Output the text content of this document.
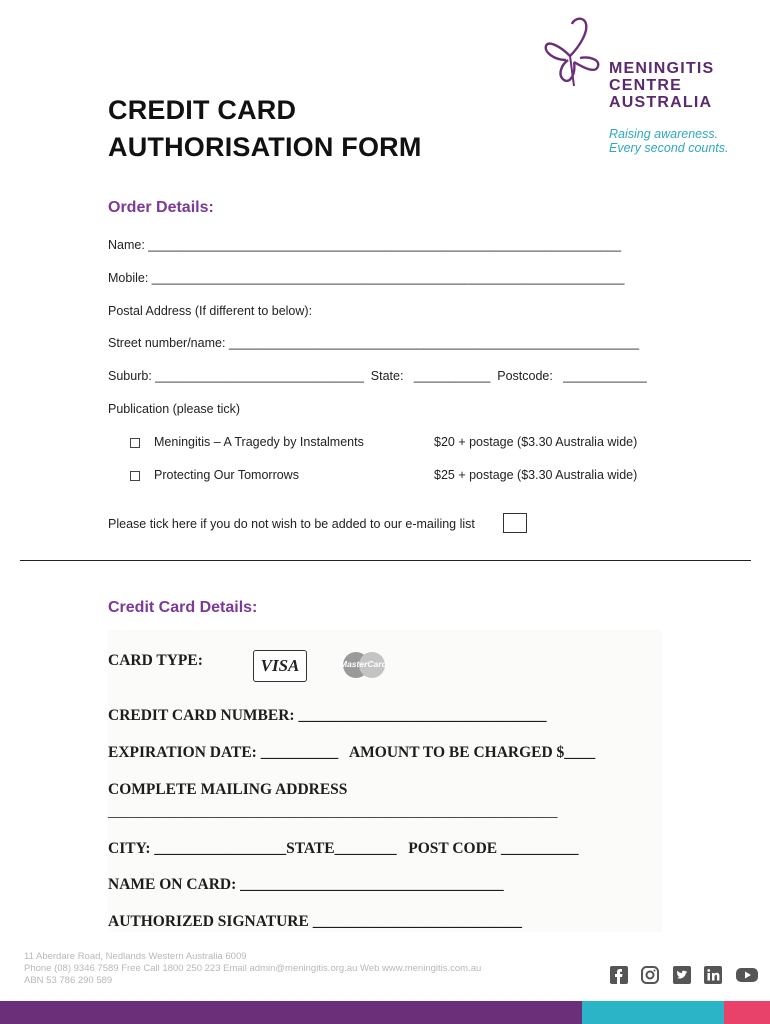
CREDIT CARD
AUTHORISATION FORM
MENINGITIS
CENTRE
AUSTRALIA
Raising awareness.
Every second counts.
Order Details:
Name: ____________________________________________________________________
Mobile: ____________________________________________________________________
Postal Address (If different to below):
Street number/name: ___________________________________________________________
Suburb: ______________________________  State:   ___________  Postcode:   ____________
Publication (please tick)
Meningitis – A Tragedy by Instalments	$20 + postage ($3.30 Australia wide)
Protecting Our Tomorrows	$25 + postage ($3.30 Australia wide)
Please tick here if you do not wish to be added to our e-mailing list
Credit Card Details:
CARD TYPE:	VISA	MasterCard
CREDIT CARD NUMBER: ________________________________
EXPIRATION DATE: __________   AMOUNT TO BE CHARGED $____
COMPLETE MAILING ADDRESS
__________________________________________________________
CITY: _________________STATE________   POST CODE __________
NAME ON CARD: __________________________________
AUTHORIZED SIGNATURE ___________________________
11 Aberdare Road, Nedlands Western Australia 6009
Phone (08) 9346 7589 Free Call 1800 250 223 Email admin@meningitis.org.au Web www.meningitis.com.au
ABN 53 786 290 589
